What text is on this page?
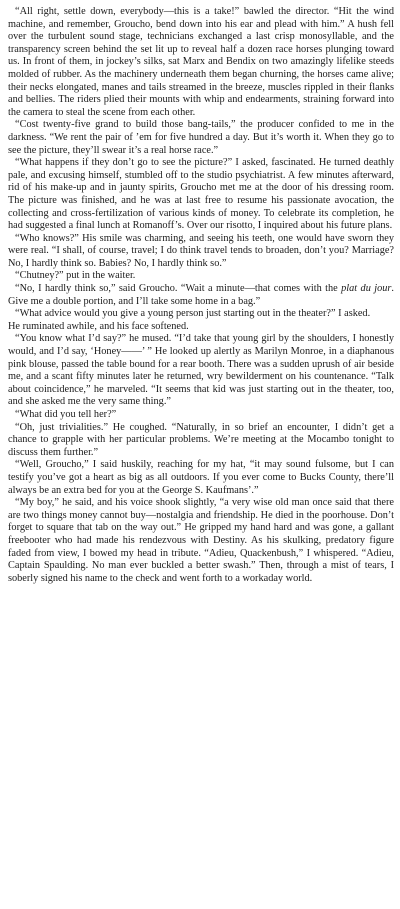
“All right, settle down, everybody—this is a take!” bawled the director. “Hit the wind machine, and remember, Groucho, bend down into his ear and plead with him.” A hush fell over the turbulent sound stage, technicians exchanged a last crisp monosyllable, and the transparency screen behind the set lit up to reveal half a dozen race horses plunging toward us. In front of them, in jockey’s silks, sat Marx and Bendix on two amazingly lifelike steeds molded of rubber. As the machinery underneath them began churning, the horses came alive; their necks elongated, manes and tails streamed in the breeze, muscles rippled in their flanks and bellies. The riders plied their mounts with whip and endearments, straining forward into the camera to steal the scene from each other.

“Cost twenty-five grand to build those bang-tails,” the producer confided to me in the darkness. “We rent the pair of ’em for five hundred a day. But it’s worth it. When they go to see the picture, they’ll swear it’s a real horse race.”

“What happens if they don’t go to see the picture?” I asked, fascinated. He turned deathly pale, and excusing himself, stumbled off to the studio psychiatrist. A few minutes afterward, rid of his make-up and in jaunty spirits, Groucho met me at the door of his dressing room. The picture was finished, and he was at last free to resume his passionate avocation, the collecting and cross-fertilization of various kinds of money. To celebrate its completion, he had suggested a final lunch at Romanoff’s. Over our risotto, I inquired about his future plans.

“Who knows?” His smile was charming, and seeing his teeth, one would have sworn they were real. “I shall, of course, travel; I do think travel tends to broaden, don’t you? Marriage? No, I hardly think so. Babies? No, I hardly think so.”

“Chutney?” put in the waiter.

“No, I hardly think so,” said Groucho. “Wait a minute—that comes with the plat du jour. Give me a double portion, and I’ll take some home in a bag.”

“What advice would you give a young person just starting out in the theater?” I asked.

He ruminated awhile, and his face softened.

“You know what I’d say?” he mused. “I’d take that young girl by the shoulders, I honestly would, and I’d say, ‘Honey——’ ” He looked up alertly as Marilyn Monroe, in a diaphanous pink blouse, passed the table bound for a rear booth. There was a sudden uprush of air beside me, and a scant fifty minutes later he returned, wry bewilderment on his countenance. “Talk about coincidence,” he marveled. “It seems that kid was just starting out in the theater, too, and she asked me the very same thing.”

“What did you tell her?”

“Oh, just trivialities.” He coughed. “Naturally, in so brief an encounter, I didn’t get a chance to grapple with her particular problems. We’re meeting at the Mocambo tonight to discuss them further.”

“Well, Groucho,” I said huskily, reaching for my hat, “it may sound fulsome, but I can testify you’ve got a heart as big as all outdoors. If you ever come to Bucks County, there’ll always be an extra bed for you at the George S. Kaufmans’.”

“My boy,” he said, and his voice shook slightly, “a very wise old man once said that there are two things money cannot buy—nostalgia and friendship. He died in the poorhouse. Don’t forget to square that tab on the way out.” He gripped my hand hard and was gone, a gallant freebooter who had made his rendezvous with Destiny. As his skulking, predatory figure faded from view, I bowed my head in tribute. “Adieu, Quackenbush,” I whispered. “Adieu, Captain Spaulding. No man ever buckled a better swash.” Then, through a mist of tears, I soberly signed his name to the check and went forth to a workaday world.
